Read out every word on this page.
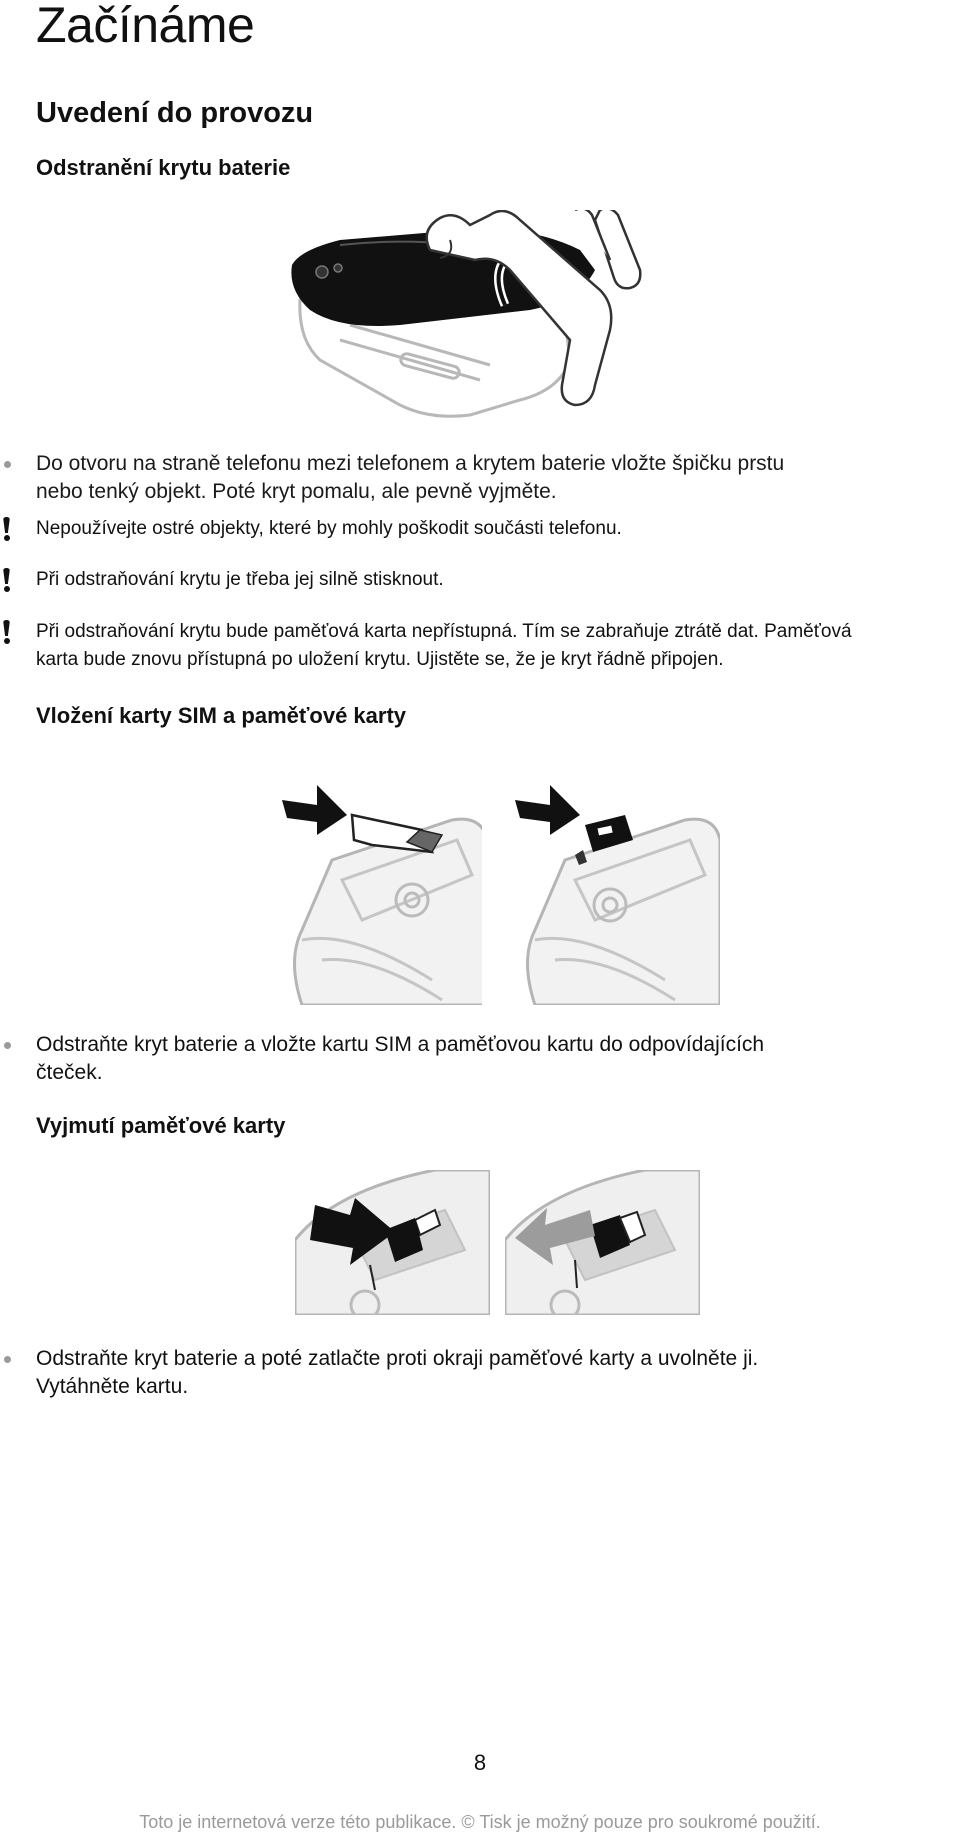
Začínáme
Uvedení do provozu
Odstranění krytu baterie
Do otvoru na straně telefonu mezi telefonem a krytem baterie vložte špičku prstu
nebo tenký objekt. Poté kryt pomalu, ale pevně vyjměte.
Nepoužívejte ostré objekty, které by mohly poškodit součásti telefonu.
Při odstraňování krytu je třeba jej silně stisknout.
Při odstraňování krytu bude paměťová karta nepřístupná. Tím se zabraňuje ztrátě dat. Paměťová
karta bude znovu přístupná po uložení krytu. Ujistěte se, že je kryt řádně připojen.
Vložení karty SIM a paměťové karty
Odstraňte kryt baterie a vložte kartu SIM a paměťovou kartu do odpovídajících
čteček.
Vyjmutí paměťové karty
Odstraňte kryt baterie a poté zatlačte proti okraji paměťové karty a uvolněte ji.
Vytáhněte kartu.
8
Toto je internetová verze této publikace. © Tisk je možný pouze pro soukromé použití.
